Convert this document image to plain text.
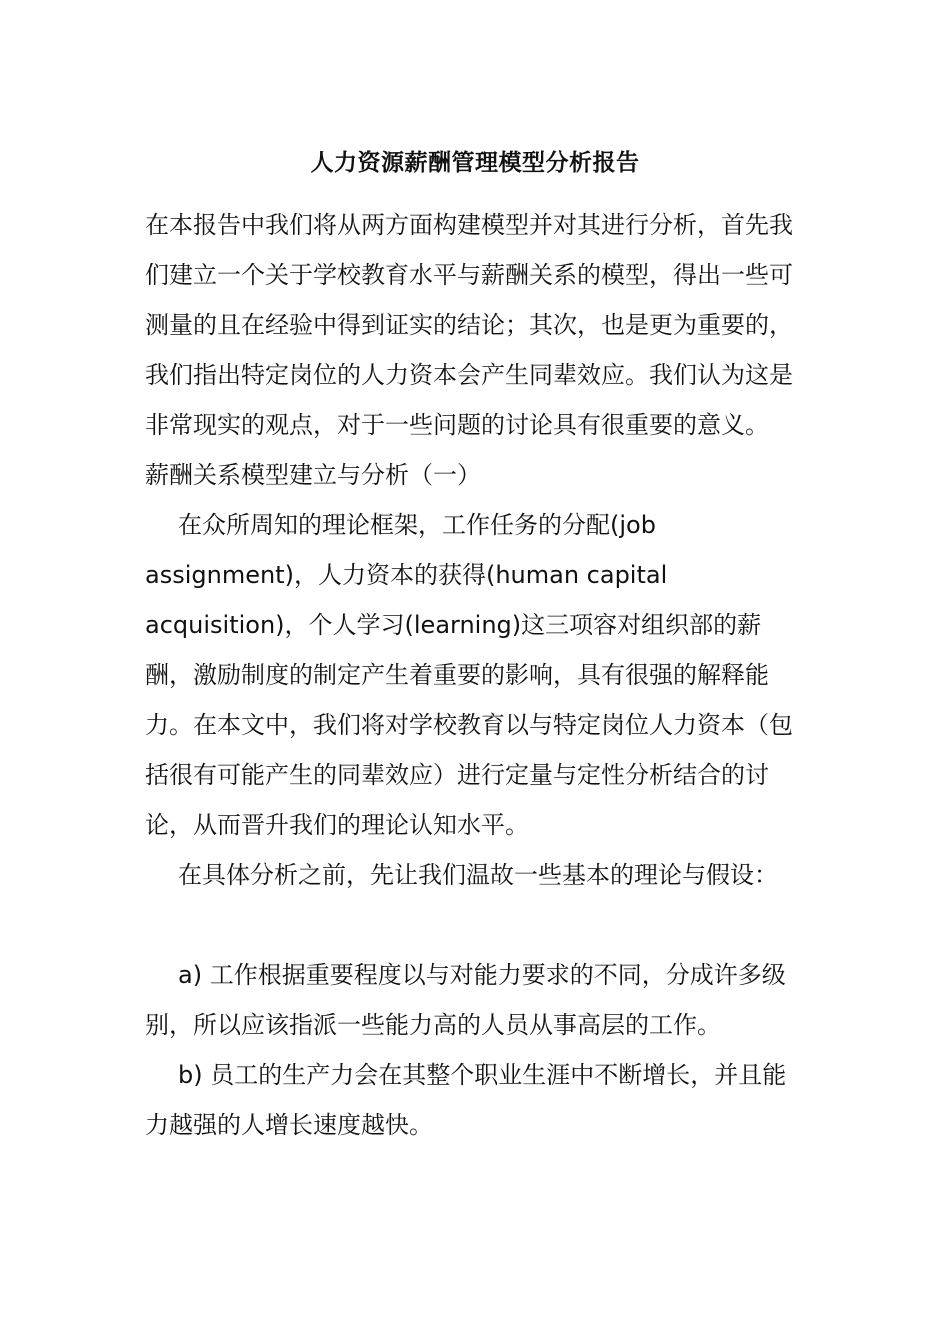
人力资源薪酬管理模型分析报告

在本报告中我们将从两方面构建模型并对其进行分析，首先我们建立一个关于学校教育水平与薪酬关系的模型，得出一些可测量的且在经验中得到证实的结论；其次，也是更为重要的，我们指出特定岗位的人力资本会产生同辈效应。我们认为这是非常现实的观点，对于一些问题的讨论具有很重要的意义。

薪酬关系模型建立与分析（一）

在众所周知的理论框架，工作任务的分配(job assignment)，人力资本的获得(human capital acquisition)，个人学习(learning)这三项容对组织部的薪酬，激励制度的制定产生着重要的影响，具有很强的解释能力。在本文中，我们将对学校教育以与特定岗位人力资本（包括很有可能产生的同辈效应）进行定量与定性分析结合的讨论，从而晋升我们的理论认知水平。

在具体分析之前，先让我们温故一些基本的理论与假设：

a) 工作根据重要程度以与对能力要求的不同，分成许多级别，所以应该指派一些能力高的人员从事高层的工作。

b) 员工的生产力会在其整个职业生涯中不断增长，并且能力越强的人增长速度越快。
